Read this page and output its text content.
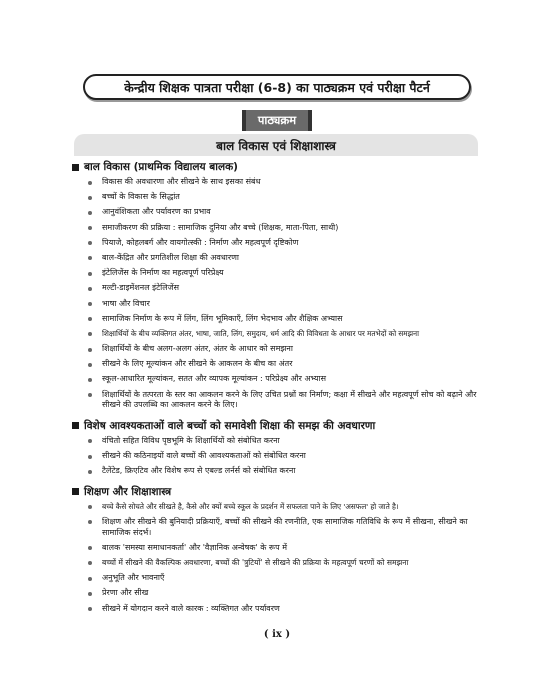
केन्द्रीय शिक्षक पात्रता परीक्षा (6-8) का पाठ्यक्रम एवं परीक्षा पैटर्न
पाठ्यक्रम
बाल विकास एवं शिक्षाशास्त्र
बाल विकास (प्राथमिक विद्यालय बालक)
विकास की अवधारणा और सीखने के साथ इसका संबंध
बच्चों के विकास के सिद्धांत
आनुवंशिकता और पर्यावरण का प्रभाव
समाजीकरण की प्रक्रिया : सामाजिक दुनिया और बच्चे (शिक्षक, माता-पिता, साथी)
पियाजे, कोहलबर्ग और वायगोत्स्की : निर्माण और महत्वपूर्ण दृष्टिकोण
बाल-केंद्रित और प्रगतिशील शिक्षा की अवधारणा
इंटेलिजेंस के निर्माण का महत्वपूर्ण परिप्रेक्ष्य
मल्टी-डाइमेंशनल इंटेलिजेंस
भाषा और विचार
सामाजिक निर्माण के रूप में लिंग, लिंग भूमिकाएँ, लिंग भेदभाव और शैक्षिक अभ्यास
शिक्षार्थियों के बीच व्यक्तिगत अंतर, भाषा, जाति, लिंग, समुदाय, धर्म आदि की विविधता के आधार पर मतभेदों को समझना
शिक्षार्थियों के बीच अलग-अलग अंतर, अंतर के आधार को समझना
सीखने के लिए मूल्यांकन और सीखने के आकलन के बीच का अंतर
स्कूल-आधारित मूल्यांकन, सतत और व्यापक मूल्यांकन : परिप्रेक्ष्य और अभ्यास
शिक्षार्थियों के तत्परता के स्तर का आकलन करने के लिए उचित प्रश्नों का निर्माण; कक्षा में सीखने और महत्वपूर्ण सोच को बढ़ाने और सीखने की उपलब्धि का आकलन करने के लिए।
विशेष आवश्यकताओं वाले बच्चों को समावेशी शिक्षा की समझ की अवधारणा
वंचितो सहित विविध पृष्ठभूमि के शिक्षार्थियों को संबोधित करना
सीखने की कठिनाइयों वाले बच्चों की आवश्यकताओं को संबोधित करना
टैलेंटेड, क्रिएटिव और विशेष रूप से एबल्ड लर्नर्स को संबोधित करना
शिक्षण और शिक्षाशास्त्र
बच्चे कैसे सोचते और सीखते है, कैसे और क्यों बच्चे स्कूल के प्रदर्शन में सफलता पाने के लिए 'असफल' हो जाते है।
शिक्षण और सीखने की बुनियादी प्रक्रियाएँ, बच्चों की सीखने की रणनीति, एक सामाजिक गतिविधि के रूप में सीखना, सीखने का सामाजिक संदर्भ।
बालक 'समस्या समाधानकर्ता' और 'वैज्ञानिक अन्वेषक' के रूप में
बच्चों में सीखने की वैकल्पिक अवधारणा, बच्चों की 'त्रुटियों' से सीखने की प्रक्रिया के महत्वपूर्ण चरणों को समझना
अनुभूति और भावनाएँ
प्रेरणा और सीख
सीखने में योगदान करने वाले कारक : व्यक्तिगत और पर्यावरण
( ix )
